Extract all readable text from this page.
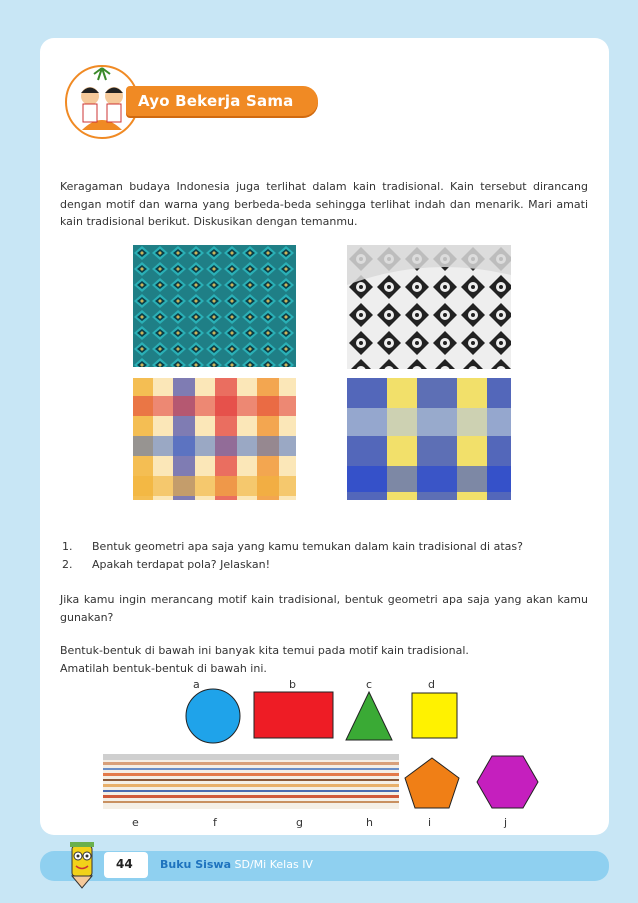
Ayo Bekerja Sama
Keragaman budaya Indonesia juga terlihat dalam kain tradisional. Kain tersebut dirancang dengan motif dan warna yang berbeda-beda sehingga terlihat indah dan menarik. Mari amati kain tradisional berikut. Diskusikan dengan temanmu.
1. Bentuk geometri apa saja yang kamu temukan dalam kain tradisional di atas?
2. Apakah terdapat pola? Jelaskan!
Jika kamu ingin merancang motif kain tradisional, bentuk geometri apa saja yang akan kamu gunakan?
Bentuk-bentuk di bawah ini banyak kita temui pada motif kain tradisional.
Amatilah bentuk-bentuk di bawah ini.
a	b	c	d
e	f	g	h	i	j
44 Buku Siswa SD/Mi Kelas IV
